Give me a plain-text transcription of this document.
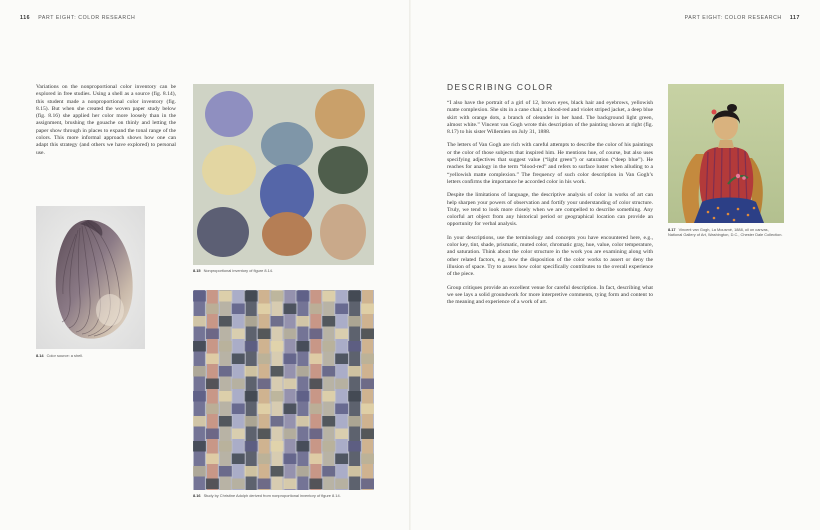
116 PART EIGHT: COLOR RESEARCH	PART EIGHT: COLOR RESEARCH 117

Variations on the nonproportional color inventory can be explored in free studies. Using a shell as a source (fig. 8.14), this student made a nonproportional color inventory (fig. 8.15). But when she created the woven paper study below (fig. 8.16) she applied her color more loosely than in the assignment, brushing the gouache on thinly and letting the paper show through in places to expand the tonal range of the colors. This more informal approach shows how one can adapt this strategy (and others we have explored) to personal use.

8.14 Color source: a shell.
8.15 Nonproportional inventory of figure 8.14.
8.16 Study by Christine Adolph derived from nonproportional inventory of figure 8.14.
DESCRIBING COLOR

“I also have the portrait of a girl of 12, brown eyes, black hair and eyebrows, yellowish matte complexion. She sits in a cane chair, a blood-red and violet striped jacket, a deep blue skirt with orange dots, a branch of oleander in her hand. The background light green, almost white.” Vincent van Gogh wrote this description of the painting shown at right (fig. 8.17) to his sister Willemien on July 31, 1888.

The letters of Van Gogh are rich with careful attempts to describe the color of his paintings or the color of those subjects that inspired him. He mentions hue, of course, but also uses specifying adjectives that suggest value (“light green”) or saturation (“deep blue”). He reaches for analogy in the term “blood-red” and refers to surface luster when alluding to a “yellowish matte complexion.” The frequency of such color description in Van Gogh’s letters confirms the importance he accorded color in his work.

Despite the limitations of language, the descriptive analysis of color in works of art can help sharpen your powers of observation and fortify your understanding of color structure. Truly, we tend to look more closely when we are compelled to describe something. Any colorful art object from any historical period or geographical location can provide an opportunity for verbal analysis.

In your descriptions, use the terminology and concepts you have encountered here, e.g., color key, tint, shade, prismatic, muted color, chromatic gray, hue, value, color temperature, and saturation. Think about the color structure in the work you are examining along with other related factors, e.g. how the disposition of the color works to assert or deny the illusion of space. Try to assess how color specifically contributes to the overall experience of the piece.

Group critiques provide an excellent venue for careful description. In fact, describing what we see lays a solid groundwork for more interpretive comments, tying form and content to the meaning and experience of a work of art.

8.17 Vincent van Gogh, La Mousmé, 1888, oil on canvas, National Gallery of Art, Washington, D.C., Chester Dale Collection.
